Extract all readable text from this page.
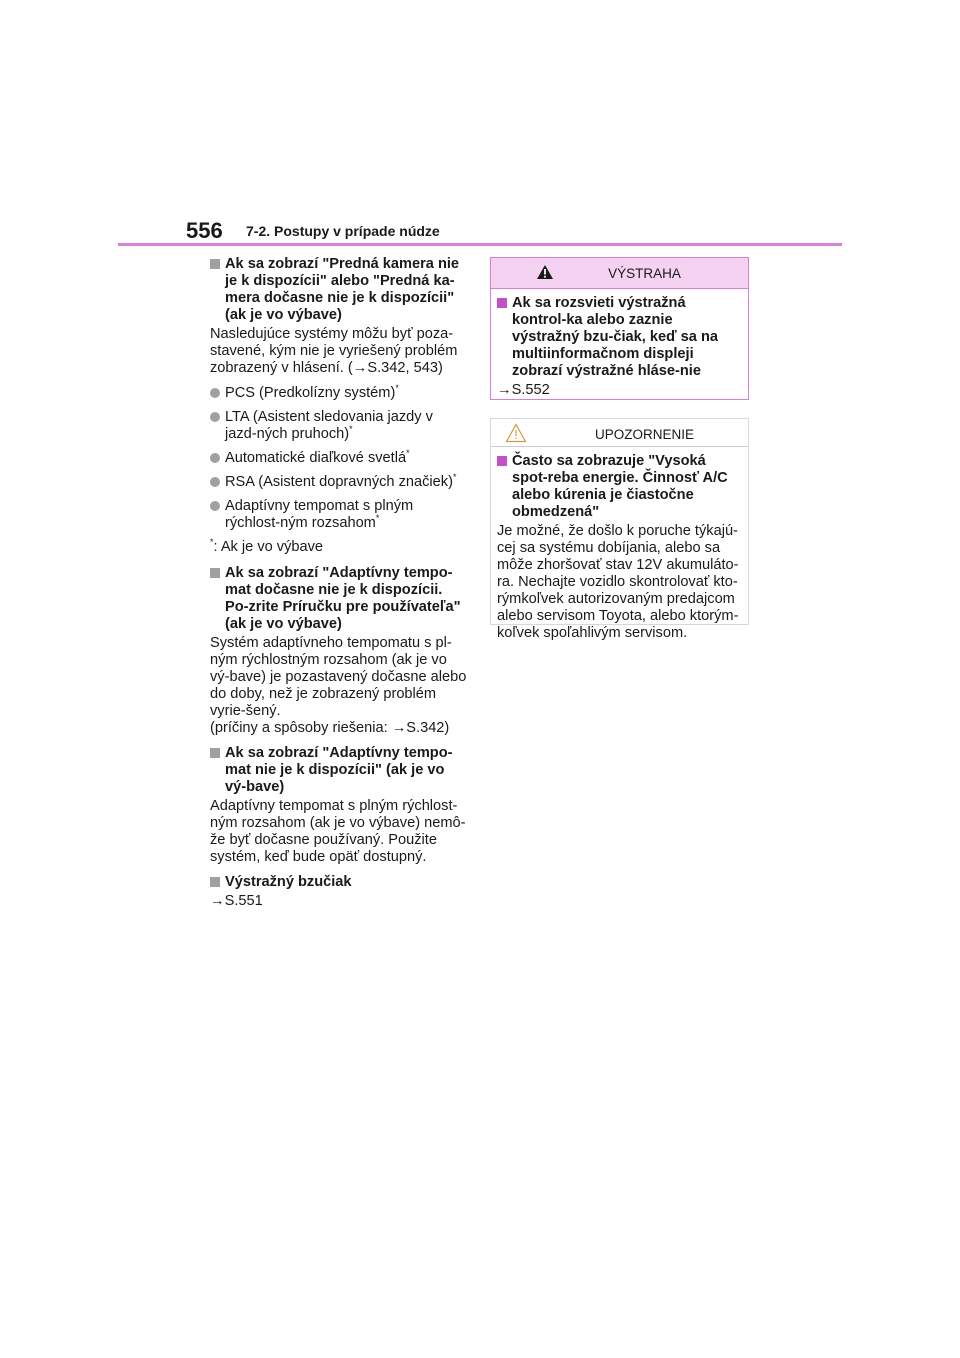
556 7-2. Postupy v prípade núdze
Ak sa zobrazí "Predná kamera nie je k dispozícii" alebo "Predná ka-mera dočasne nie je k dispozícii" (ak je vo výbave)
Nasledujúce systémy môžu byť poza-stavené, kým nie je vyriešený problém zobrazený v hlásení. (→S.342, 543)
PCS (Predkolízny systém)*
LTA (Asistent sledovania jazdy v jazd-ných pruhoch)*
Automatické diaľkové svetlá*
RSA (Asistent dopravných značiek)*
Adaptívny tempomat s plným rýchlost-ným rozsahom*
*: Ak je vo výbave
Ak sa zobrazí "Adaptívny tempo-mat dočasne nie je k dispozícii. Po-zrite Príručku pre používateľa" (ak je vo výbave)
Systém adaptívneho tempomatu s pl-ným rýchlostným rozsahom (ak je vo vý-bave) je pozastavený dočasne alebo do doby, než je zobrazený problém vyrie-šený.
(príčiny a spôsoby riešenia: →S.342)
Ak sa zobrazí "Adaptívny tempo-mat nie je k dispozícii" (ak je vo vý-bave)
Adaptívny tempomat s plným rýchlost-ným rozsahom (ak je vo výbave) nemô-že byť dočasne používaný. Použite systém, keď bude opäť dostupný.
Výstražný bzučiak
→S.551
VÝSTRAHA
Ak sa rozsvieti výstražná kontrol-ka alebo zaznie výstražný bzu-čiak, keď sa na multiinformačnom displeji zobrazí výstražné hláse-nie
→S.552
UPOZORNENIE
Často sa zobrazuje "Vysoká spot-reba energie. Činnosť A/C alebo kúrenia je čiastočne obmedzená"
Je možné, že došlo k poruche týkajú-cej sa systému dobíjania, alebo sa môže zhoršovať stav 12V akumuláto-ra. Nechajte vozidlo skontrolovať kto-rýmkoľvek autorizovaným predajcom alebo servisom Toyota, alebo ktorým-koľvek spoľahlivým servisom.
